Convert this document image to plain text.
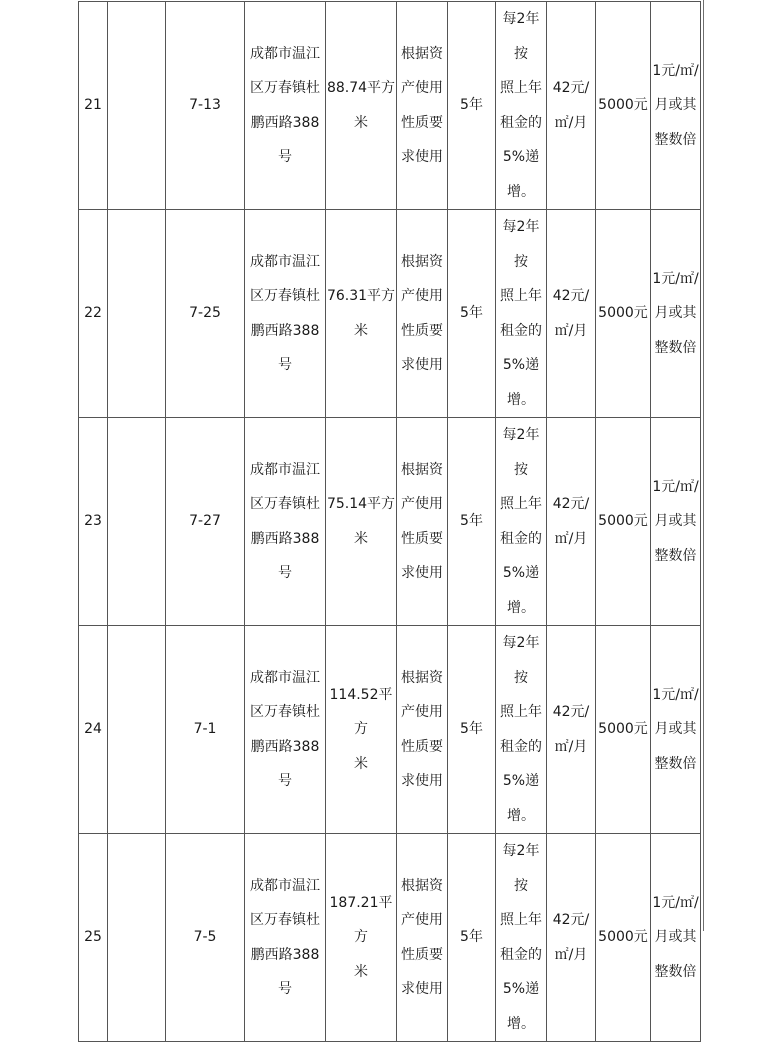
21		7-13	成都市温江
区万春镇杜
鹏西路388号	88.74平方
米	根据资
产使用
性质要
求使用	5年	每2年按
照上年
租金的
5%递
增。	42元/
㎡/月	5000元	1元/㎡/
月或其
整数倍

22		7-25	成都市温江
区万春镇杜
鹏西路388号	76.31平方
米	根据资
产使用
性质要
求使用	5年	每2年按
照上年
租金的
5%递
增。	42元/
㎡/月	5000元	1元/㎡/
月或其
整数倍

23		7-27	成都市温江
区万春镇杜
鹏西路388号	75.14平方
米	根据资
产使用
性质要
求使用	5年	每2年按
照上年
租金的
5%递
增。	42元/
㎡/月	5000元	1元/㎡/
月或其
整数倍

24		7-1	成都市温江
区万春镇杜
鹏西路388号	114.52平方
米	根据资
产使用
性质要
求使用	5年	每2年按
照上年
租金的
5%递
增。	42元/
㎡/月	5000元	1元/㎡/
月或其
整数倍

25		7-5	成都市温江
区万春镇杜
鹏西路388号	187.21平方
米	根据资
产使用
性质要
求使用	5年	每2年按
照上年
租金的
5%递
增。	42元/
㎡/月	5000元	1元/㎡/
月或其
整数倍
